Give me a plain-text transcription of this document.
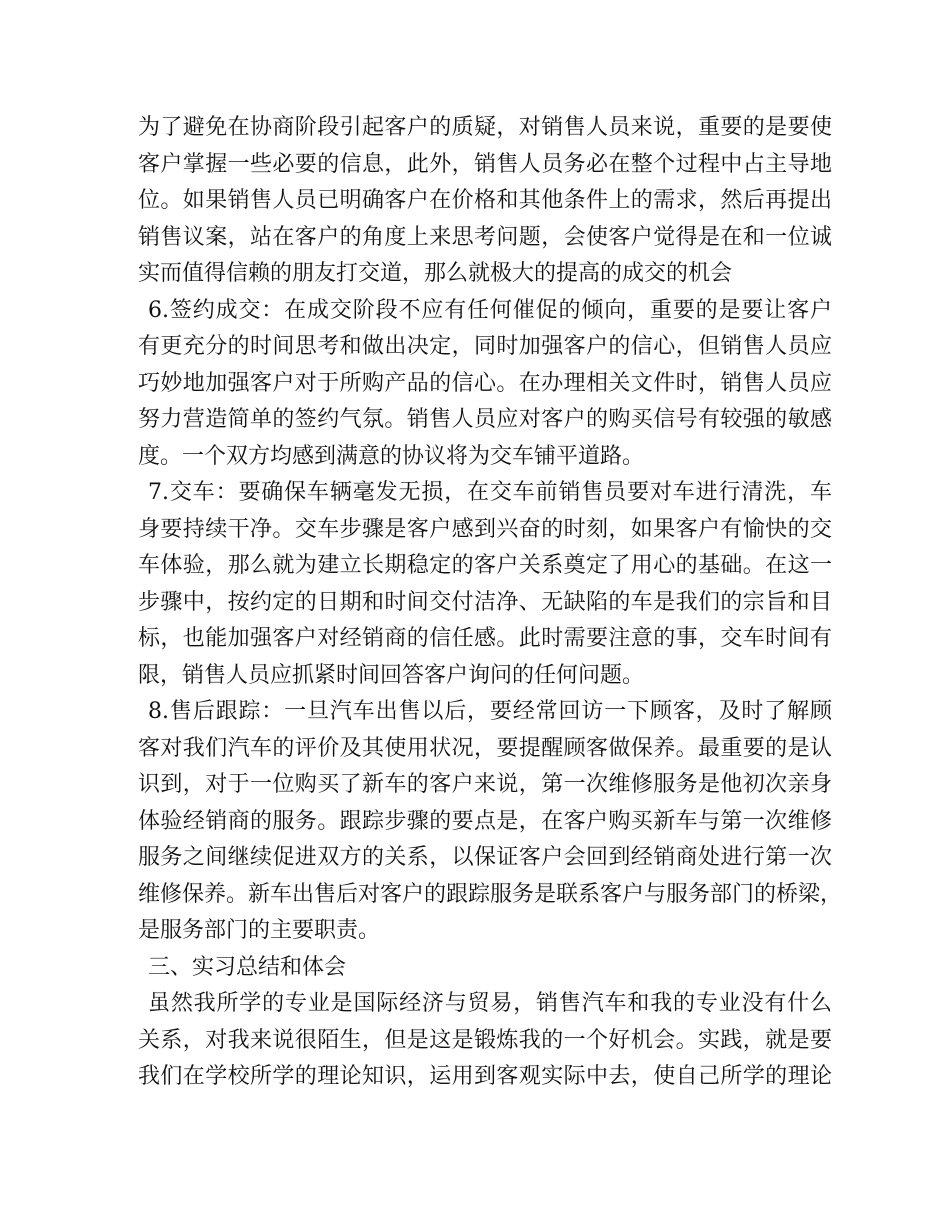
为了避免在协商阶段引起客户的质疑，对销售人员来说，重要的是要使
客户掌握一些必要的信息，此外，销售人员务必在整个过程中占主导地
位。如果销售人员已明确客户在价格和其他条件上的需求，然后再提出
销售议案，站在客户的角度上来思考问题，会使客户觉得是在和一位诚
实而值得信赖的朋友打交道，那么就极大的提高的成交的机会
6.签约成交：在成交阶段不应有任何催促的倾向，重要的是要让客户
有更充分的时间思考和做出决定，同时加强客户的信心，但销售人员应
巧妙地加强客户对于所购产品的信心。在办理相关文件时，销售人员应
努力营造简单的签约气氛。销售人员应对客户的购买信号有较强的敏感
度。一个双方均感到满意的协议将为交车铺平道路。
7.交车：要确保车辆毫发无损，在交车前销售员要对车进行清洗，车
身要持续干净。交车步骤是客户感到兴奋的时刻，如果客户有愉快的交
车体验，那么就为建立长期稳定的客户关系奠定了用心的基础。在这一
步骤中，按约定的日期和时间交付洁净、无缺陷的车是我们的宗旨和目
标，也能加强客户对经销商的信任感。此时需要注意的事，交车时间有
限，销售人员应抓紧时间回答客户询问的任何问题。
8.售后跟踪：一旦汽车出售以后，要经常回访一下顾客，及时了解顾
客对我们汽车的评价及其使用状况，要提醒顾客做保养。最重要的是认
识到，对于一位购买了新车的客户来说，第一次维修服务是他初次亲身
体验经销商的服务。跟踪步骤的要点是，在客户购买新车与第一次维修
服务之间继续促进双方的关系，以保证客户会回到经销商处进行第一次
维修保养。新车出售后对客户的跟踪服务是联系客户与服务部门的桥梁，
是服务部门的主要职责。
三、实习总结和体会
虽然我所学的专业是国际经济与贸易，销售汽车和我的专业没有什么
关系，对我来说很陌生，但是这是锻炼我的一个好机会。实践，就是要
我们在学校所学的理论知识，运用到客观实际中去，使自己所学的理论
